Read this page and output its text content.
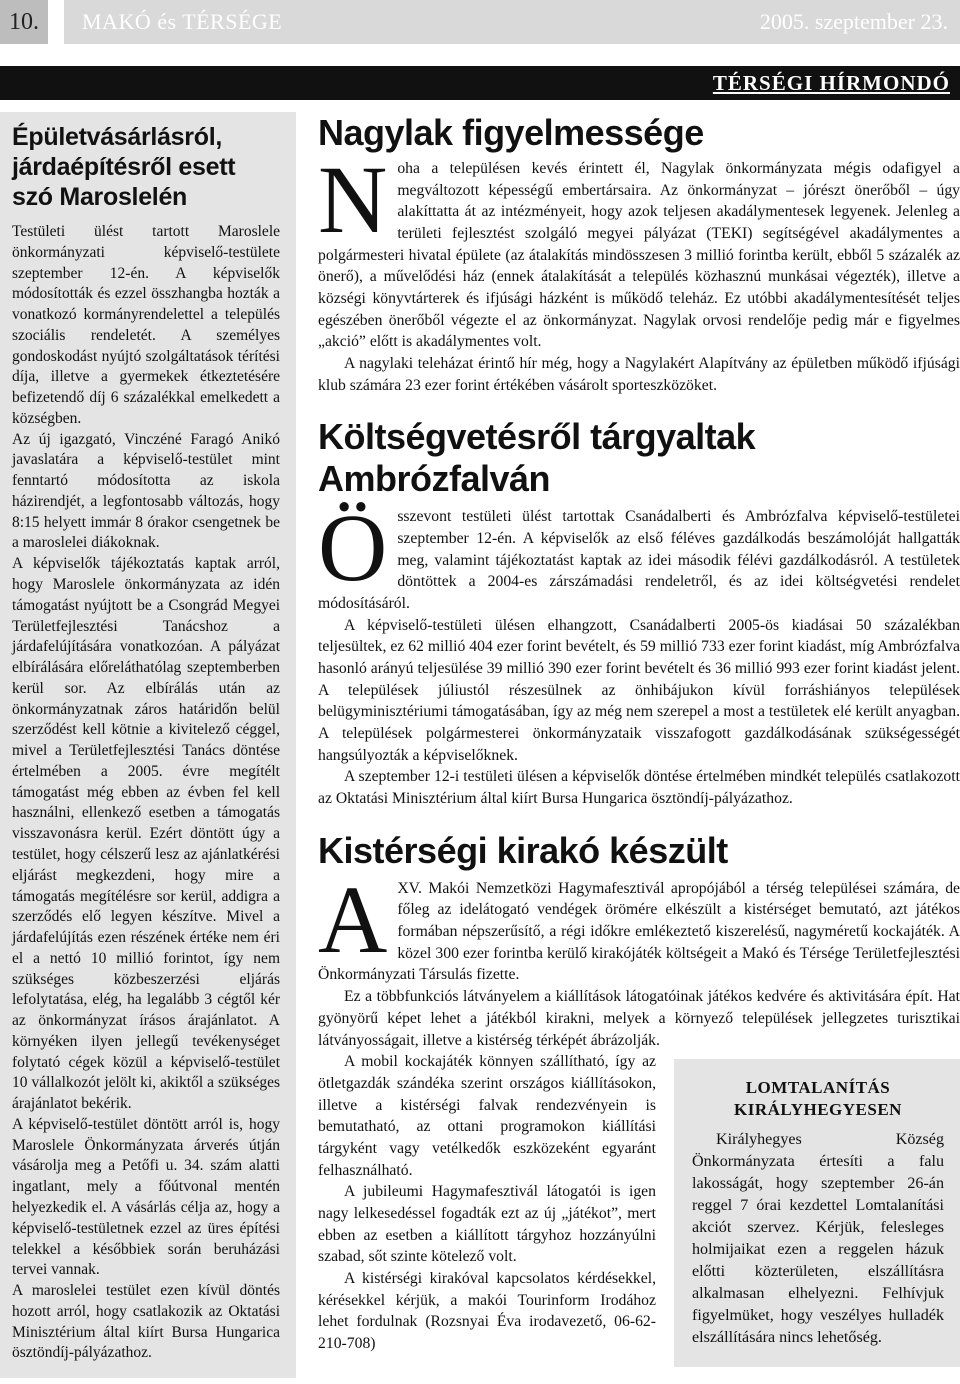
10.	MAKÓ és TÉRSÉGE	2005. szeptember 23.
TÉRSÉGI HÍRMONDÓ
Épületvásárlásról, járdaépítésről esett szó Maroslelén

Testületi ülést tartott Maroslele önkormányzati képviselő-testülete szeptember 12-én. A képviselők módosították és ezzel összhangba hozták a vonatkozó kormányrendelettel a település szociális rendeletét. A személyes gondoskodást nyújtó szolgáltatások térítési díja, illetve a gyermekek étkeztetésére befizetendő díj 6 százalékkal emelkedett a községben.

Az új igazgató, Vinczéné Faragó Anikó javaslatára a képviselő-testület mint fenntartó módosította az iskola házirendjét, a legfontosabb változás, hogy 8:15 helyett immár 8 órakor csengetnek be a maroslelei diákoknak.

A képviselők tájékoztatás kaptak arról, hogy Maroslele önkormányzata az idén támogatást nyújtott be a Csongrád Megyei Területfejlesztési Tanácshoz a járdafelújítására vonatkozóan. A pályázat elbírálására előreláthatólag szeptemberben kerül sor. Az elbírálás után az önkormányzatnak záros határidőn belül szerződést kell kötnie a kivitelező céggel, mivel a Területfejlesztési Tanács döntése értelmében a 2005. évre megítélt támogatást még ebben az évben fel kell használni, ellenkező esetben a támogatás visszavonásra kerül. Ezért döntött úgy a testület, hogy célszerű lesz az ajánlatkérési eljárást megkezdeni, hogy mire a támogatás megítélésre sor kerül, addigra a szerződés elő legyen készítve. Mivel a járdafelújítás ezen részének értéke nem éri el a nettó 10 millió forintot, így nem szükséges közbeszerzési eljárás lefolytatása, elég, ha legalább 3 cégtől kér az önkormányzat írásos árajánlatot. A környéken ilyen jellegű tevékenységet folytató cégek közül a képviselő-testület 10 vállalkozót jelölt ki, akiktől a szükséges árajánlatot bekérik.

A képviselő-testület döntött arról is, hogy Maroslele Önkormányzata árverés útján vásárolja meg a Petőfi u. 34. szám alatti ingatlant, mely a főútvonal mentén helyezkedik el. A vásárlás célja az, hogy a képviselő-testületnek ezzel az üres építési telekkel a későbbiek során beruházási tervei vannak.

A maroslelei testület ezen kívül döntés hozott arról, hogy csatlakozik az Oktatási Minisztérium által kiírt Bursa Hungarica ösztöndíj-pályázathoz.

Nagylak figyelmessége
N oha a településen kevés érintett él, Nagylak önkormányzata mégis odafigyel a megváltozott képességű embertársaira. Az önkormányzat – jórészt önerőből – úgy alakíttatta át az intézményeit, hogy azok teljesen akadálymentesek legyenek. Jelenleg a területi fejlesztést szolgáló megyei pályázat (TEKI) segítségével akadálymentes a polgármesteri hivatal épülete (az átalakítás mindösszesen 3 millió forintba került, ebből 5 százalék az önerő), a művelődési ház (ennek átalakítását a település közhasznú munkásai végezték), illetve a községi könyvtárterek és ifjúsági házként is működő teleház. Ez utóbbi akadálymentesítését teljes egészében önerőből végezte el az önkormányzat. Nagylak orvosi rendelője pedig már e figyelmes „akció” előtt is akadálymentes volt.

A nagylaki teleházat érintő hír még, hogy a Nagylakért Alapítvány az épületben működő ifjúsági klub számára 23 ezer forint értékében vásárolt sporteszközöket.

Költségvetésről tárgyaltak Ambrózfalván
Ö sszevont testületi ülést tartottak Csanádalberti és Ambrózfalva képviselő-testületei szeptember 12-én. A képviselők az első féléves gazdálkodás beszámolóját hallgatták meg, valamint tájékoztatást kaptak az idei második félévi gazdálkodásról. A testületek döntöttek a 2004-es zárszámadási rendeletről, és az idei költségvetési rendelet módosításáról.

A képviselő-testületi ülésen elhangzott, Csanádalberti 2005-ös kiadásai 50 százalékban teljesültek, ez 62 millió 404 ezer forint bevételt, és 59 millió 733 ezer forint kiadást, míg Ambrózfalva hasonló arányú teljesülése 39 millió 390 ezer forint bevételt és 36 millió 993 ezer forint kiadást jelent. A települések júliustól részesülnek az önhibájukon kívül forráshiányos települések belügyminisztériumi támogatásában, így az még nem szerepel a most a testületek elé került anyagban. A települések polgármesterei önkormányzataik visszafogott gazdálkodásának szükségességét hangsúlyozták a képviselőknek.

A szeptember 12-i testületi ülésen a képviselők döntése értelmében mindkét település csatlakozott az Oktatási Minisztérium által kiírt Bursa Hungarica ösztöndíj-pályázathoz.

Kistérségi kirakó készült
A XV. Makói Nemzetközi Hagymafesztivál apropójából a térség települései számára, de főleg az idelátogató vendégek örömére elkészült a kistérséget bemutató, azt játékos formában népszerűsítő, a régi időkre emlékeztető kiszerelésű, nagyméretű kockajáték. A közel 300 ezer forintba kerülő kirakójáték költségeit a Makó és Térsége Területfejlesztési Önkormányzati Társulás fizette.

Ez a többfunkciós látványelem a kiállítások látogatóinak játékos kedvére és aktivitására épít. Hat gyönyörű képet lehet a játékból kirakni, melyek a környező települések jellegzetes turisztikai látványosságait, illetve a kistérség térképét ábrázolják.

LOMTALANÍTÁS
KIRÁLYHEGYESEN

Királyhegyes Község Önkormányzata értesíti a falu lakosságát, hogy szeptember 26-án reggel 7 órai kezdettel Lomtalanítási akciót szervez. Kérjük, felesleges holmijaikat ezen a reggelen házuk előtti közterületen, elszállításra alkalmasan elhelyezni. Felhívjuk figyelmüket, hogy veszélyes hulladék elszállítására nincs lehetőség.

A mobil kockajáték könnyen szállítható, így az ötletgazdák szándéka szerint országos kiállításokon, illetve a kistérségi falvak rendezvényein is bemutatható, az ottani programokon kiállítási tárgyként vagy vetélkedők eszközeként egyaránt felhasználható.

A jubileumi Hagymafesztivál látogatói is igen nagy lelkesedéssel fogadták ezt az új „játékot”, mert ebben az esetben a kiállított tárgyhoz hozzányúlni szabad, sőt szinte kötelező volt.

A kistérségi kirakóval kapcsolatos kérdésekkel, kérésekkel kérjük, a makói Tourinform Irodához lehet fordulnak (Rozsnyai Éva irodavezető, 06-62-210-708)
